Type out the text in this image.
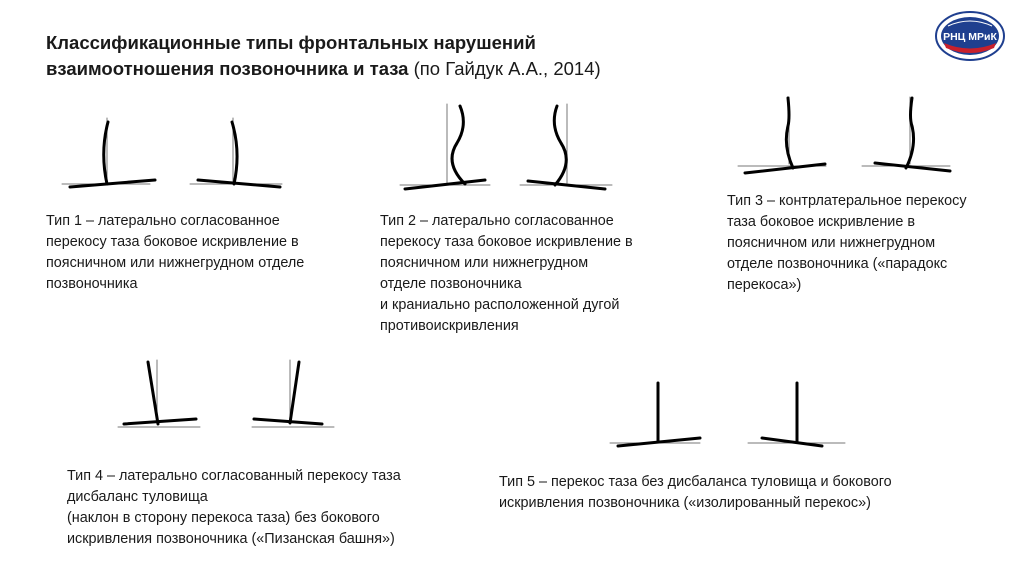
Классификационные типы фронтальных нарушений
взаимоотношения позвоночника и таза (по Гайдук А.А., 2014)
РНЦ МРиК
Тип 1 – латерально согласованное
перекосу таза боковое искривление в
поясничном или нижнегрудном отделе
позвоночника
Тип 2 – латерально согласованное
перекосу таза боковое искривление в
поясничном или нижнегрудном
отделе позвоночника
и краниально расположенной дугой
противоискривления
Тип 3 – контрлатеральное перекосу
таза боковое искривление в
поясничном или нижнегрудном
отделе позвоночника («парадокс
перекоса»)
Тип 4 – латерально согласованный перекосу таза
дисбаланс туловища
(наклон в сторону перекоса таза) без бокового
искривления позвоночника («Пизанская башня»)
Тип 5 – перекос таза без дисбаланса туловища и бокового
искривления позвоночника («изолированный перекос»)
